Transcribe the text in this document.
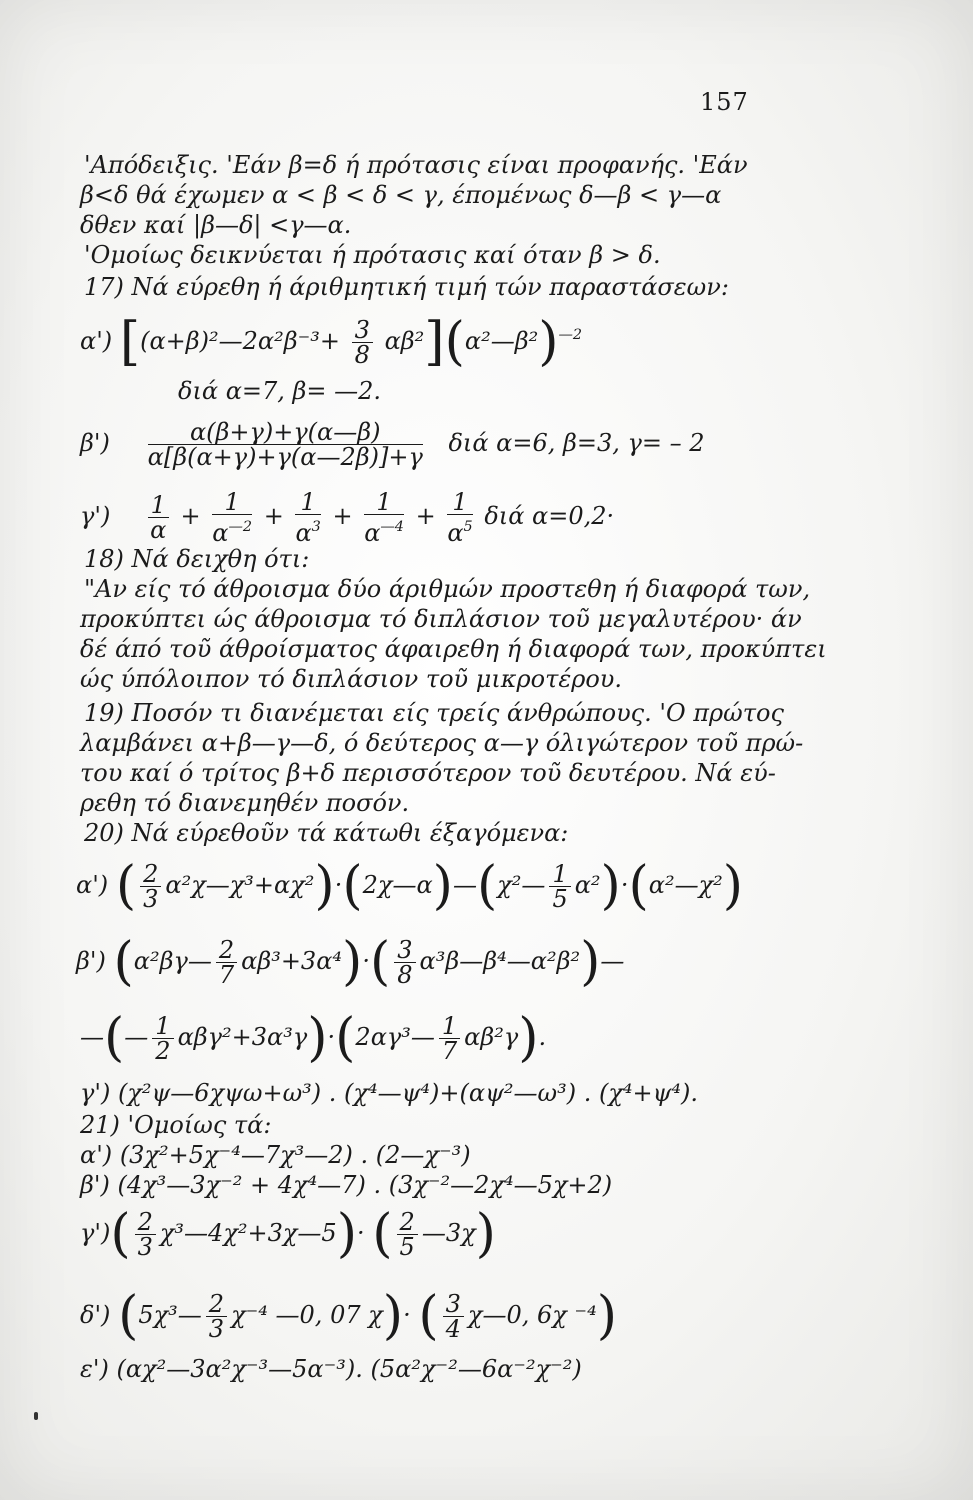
157
'Απόδειξις. 'Εάν β=δ ή πρότασις είναι προφανής. 'Εάν
β<δ θά έχωμεν α < β < δ < γ, έπομένως δ—β < γ—α
δθεν καί |β—δ| <γ—α.
'Ομοίως δεικνύεται ή πρότασις καί όταν β > δ.
17) Νά εύρεθη ή άριθμητική τιμή τών παραστάσεων:
α') [(α+β)²—2α²β⁻³+ $\frac{3}{8}$ αβ²](α²—β²)$^{—2}$
διά α=7, β= —2.
$\beta') \frac{\alpha(\beta+\gamma)+\gamma(\alpha—\beta)}{\alpha[\beta(\alpha+\gamma)+\gamma(\alpha—2\beta)]+\gamma}$ διά α=6, β=3, γ= – 2
$\gamma') \frac{1}{\alpha} + \frac{1}{\alpha^{—2}} + \frac{1}{\alpha^3} + \frac{1}{\alpha^{—4}} + \frac{1}{\alpha^5}$ διά α=0,2·
18) Νά δειχθη ότι:
"Αν είς τό άθροισμα δύο άριθμών προστεθη ή διαφορά των,
προκύπτει ώς άθροισμα τό διπλάσιον τοῦ μεγαλυτέρου· άν
δέ άπό τοῦ άθροίσματος άφαιρεθη ή διαφορά των, προκύπτει
ώς ύπόλοιπον τό διπλάσιον τοῦ μικροτέρου.
19) Ποσόν τι διανέμεται είς τρείς άνθρώπους. 'Ο πρώτος
λαμβάνει α+β—γ—δ, ό δεύτερος α—γ όλιγώτερον τοῦ πρώ-
του καί ό τρίτος β+δ περισσότερον τοῦ δευτέρου. Νά εύ-
ρεθη τό διανεμηθέν ποσόν.
20) Νά εύρεθοῦν τά κάτωθι έξαγόμενα:
α') ( $\frac{2}{3}$ α²χ—χ³+αχ²)·(2χ—α)—(χ²— $\frac{1}{5}$ α²)·(α²—χ²)
β') (α²βγ— $\frac{2}{7} \alpha\beta^3+3\alpha^4)\cdot( \frac{3}{8}$ α³β—β⁴—α²β²)—
—(— $\frac{1}{2}$ αβγ²+3α³γ)·(2αγ³— $\frac{1}{7} \alpha\beta^2\gamma$).
γ') (χ²ψ—6χψω+ω³) . (χ⁴—ψ⁴)+(αψ²—ω³) . (χ⁴+ψ⁴).
21) 'Ομοίως τά:
α') (3χ²+5χ⁻⁴—7χ³—2) . (2—χ⁻³)
β') (4χ³—3χ⁻² + 4χ⁴—7) . (3χ⁻²—2χ⁴—5χ+2)
$\gamma')( \frac{2}{3}$ χ³—4χ²+3χ—5)· ( $\frac{2}{5}$ —3χ)
δ') (5χ³— $\frac{2}{3} \chi^{-4}$ —0, 07 χ)· ( $\frac{3}{4}$ χ—0, 6χ ⁻⁴)
ε') (αχ²—3α²χ⁻³—5α⁻³). (5α²χ⁻²—6α⁻²χ⁻²)
